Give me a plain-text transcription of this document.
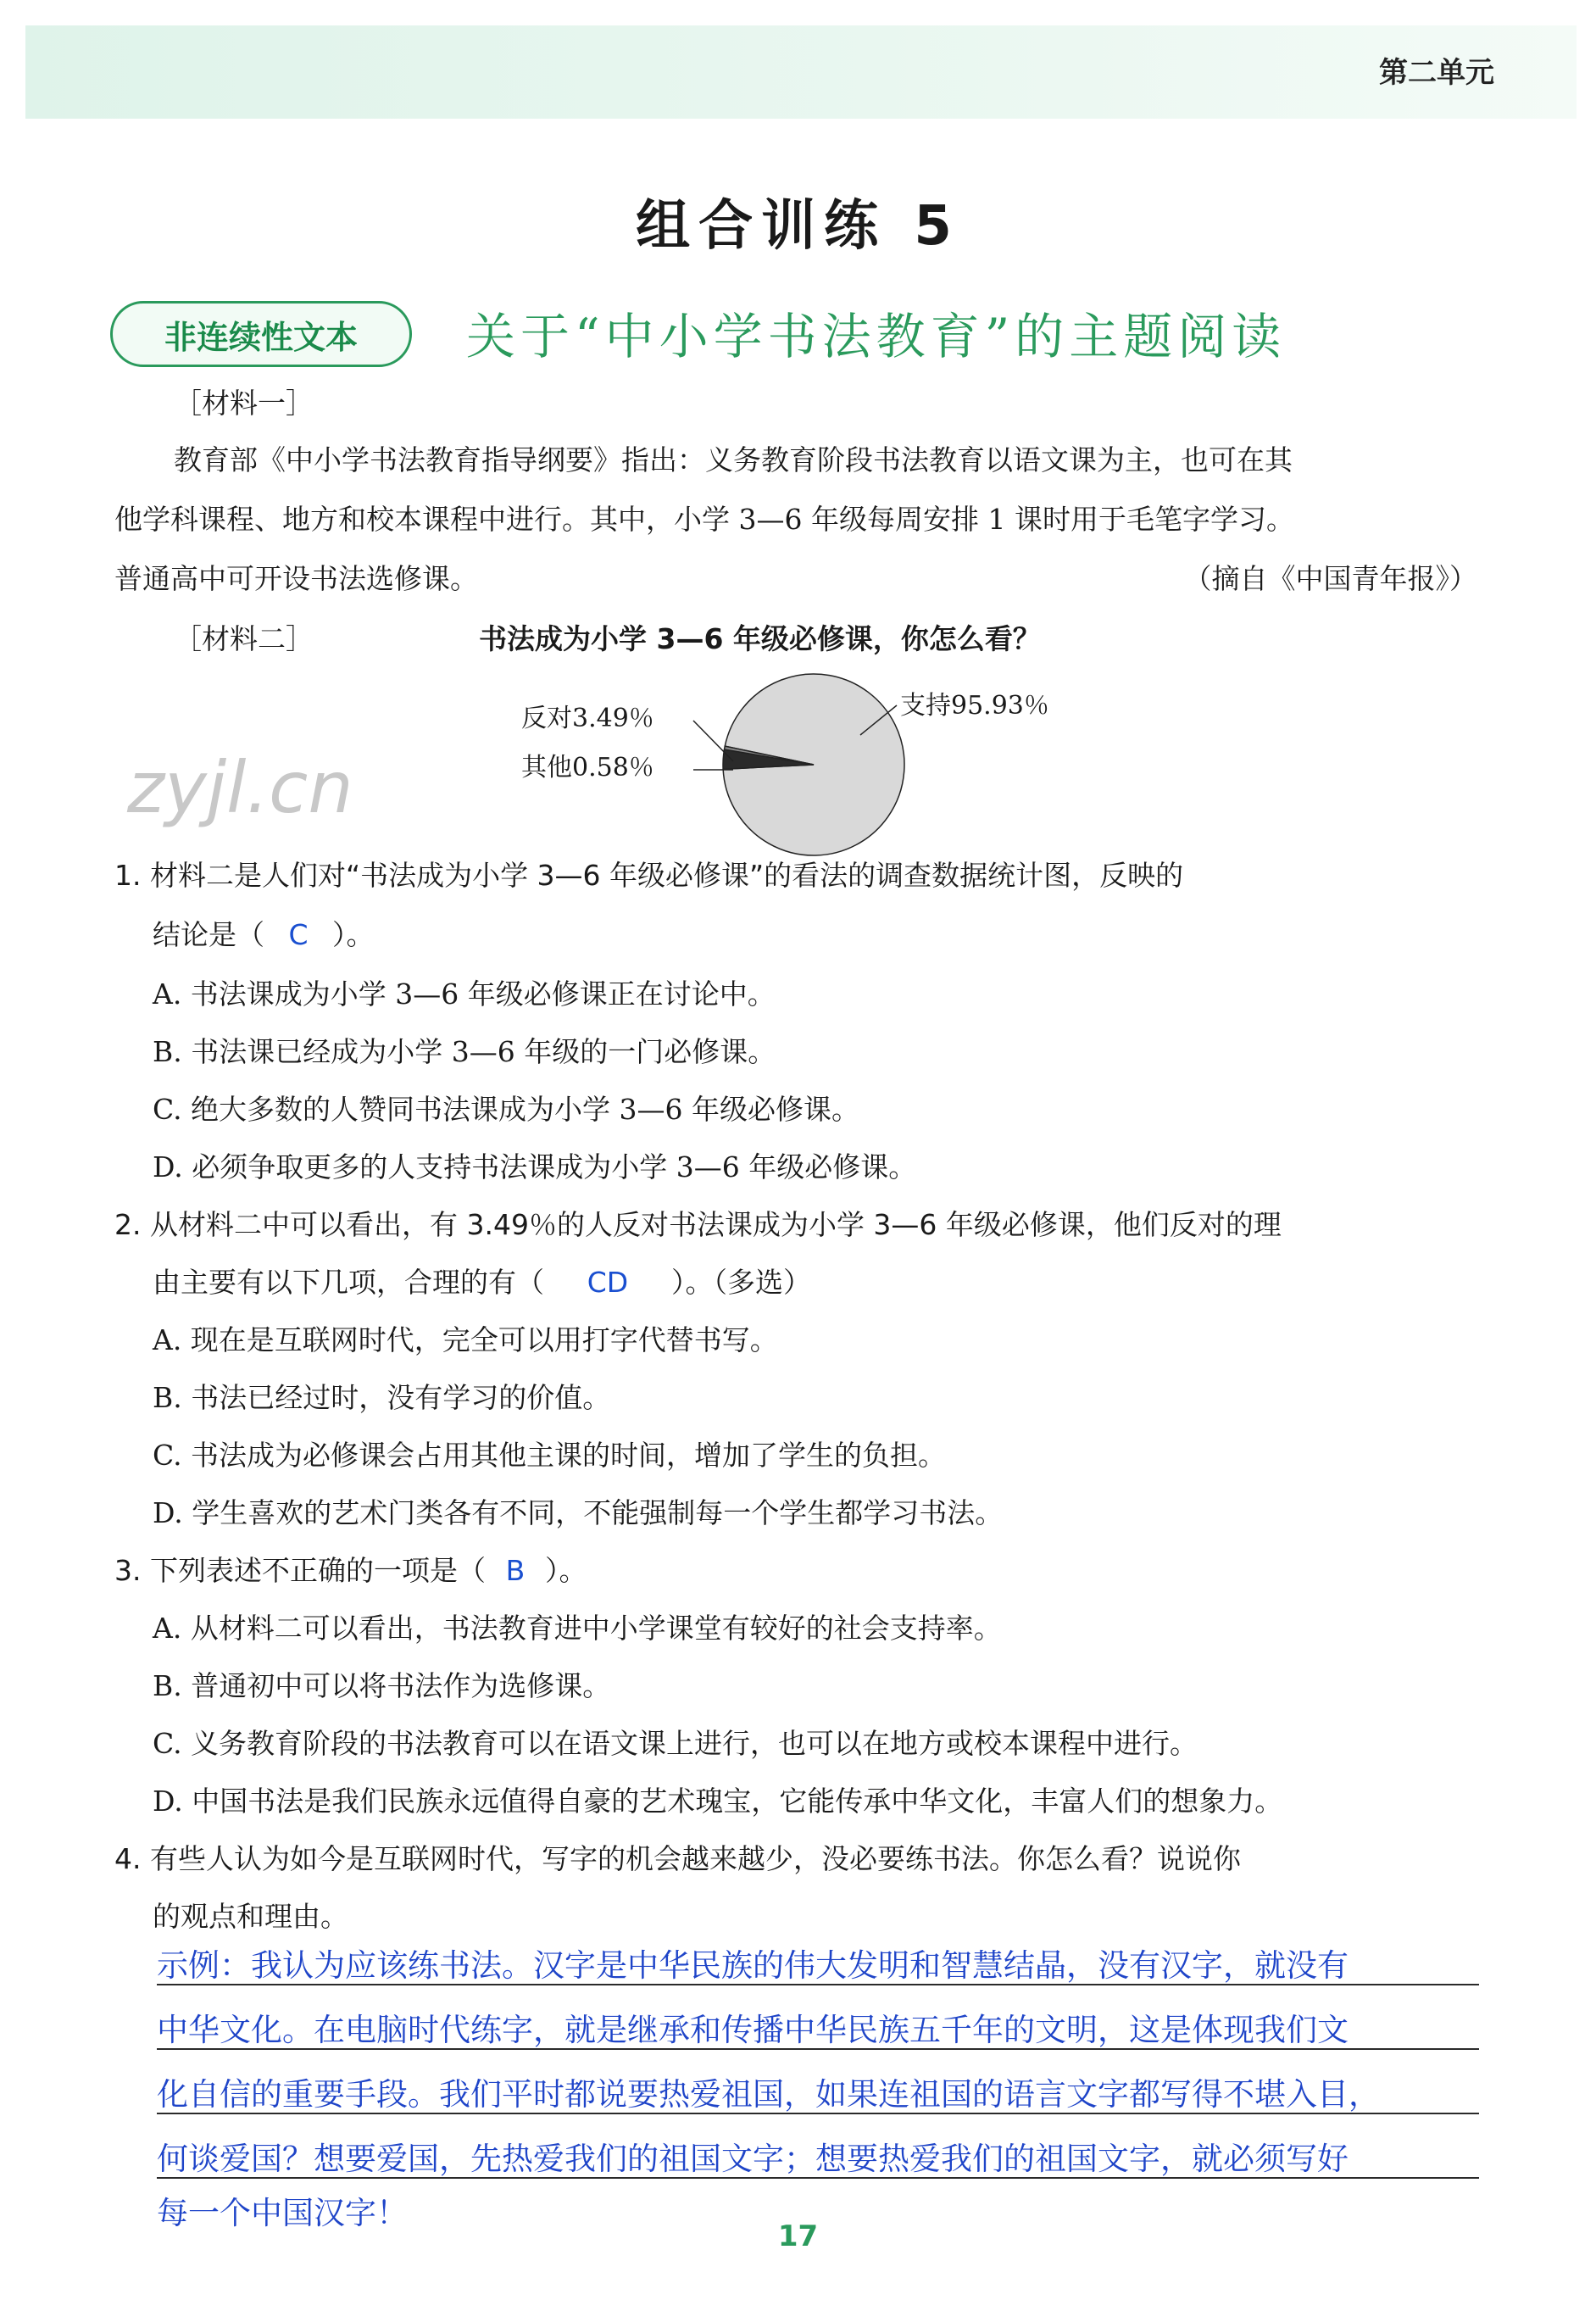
第二单元
组合训练 5
非连续性文本	关于“中小学书法教育”的主题阅读
［材料一］
教育部《中小学书法教育指导纲要》指出：义务教育阶段书法教育以语文课为主，也可在其
他学科课程、地方和校本课程中进行。其中，小学 3—6 年级每周安排 1 课时用于毛笔字学习。
普通高中可开设书法选修课。	（摘自《中国青年报》）
［材料二］	书法成为小学 3—6 年级必修课，你怎么看？
zyjl.cn
支持95.93％
反对3.49％
其他0.58％
1. 材料二是人们对“书法成为小学 3—6 年级必修课”的看法的调查数据统计图，反映的
结论是（ C ）。
A. 书法课成为小学 3—6 年级必修课正在讨论中。
B. 书法课已经成为小学 3—6 年级的一门必修课。
C. 绝大多数的人赞同书法课成为小学 3—6 年级必修课。
D. 必须争取更多的人支持书法课成为小学 3—6 年级必修课。
2. 从材料二中可以看出，有 3.49％的人反对书法课成为小学 3—6 年级必修课，他们反对的理
由主要有以下几项，合理的有（ CD ）。（多选）
A. 现在是互联网时代，完全可以用打字代替书写。
B. 书法已经过时，没有学习的价值。
C. 书法成为必修课会占用其他主课的时间，增加了学生的负担。
D. 学生喜欢的艺术门类各有不同，不能强制每一个学生都学习书法。
3. 下列表述不正确的一项是（ B ）。
A. 从材料二可以看出，书法教育进中小学课堂有较好的社会支持率。
B. 普通初中可以将书法作为选修课。
C. 义务教育阶段的书法教育可以在语文课上进行，也可以在地方或校本课程中进行。
D. 中国书法是我们民族永远值得自豪的艺术瑰宝，它能传承中华文化，丰富人们的想象力。
4. 有些人认为如今是互联网时代，写字的机会越来越少，没必要练书法。你怎么看？说说你
的观点和理由。
示例：我认为应该练书法。汉字是中华民族的伟大发明和智慧结晶，没有汉字，就没有
中华文化。在电脑时代练字，就是继承和传播中华民族五千年的文明，这是体现我们文
化自信的重要手段。我们平时都说要热爱祖国，如果连祖国的语言文字都写得不堪入目，
何谈爱国？想要爱国，先热爱我们的祖国文字；想要热爱我们的祖国文字，就必须写好
每一个中国汉字！
17
